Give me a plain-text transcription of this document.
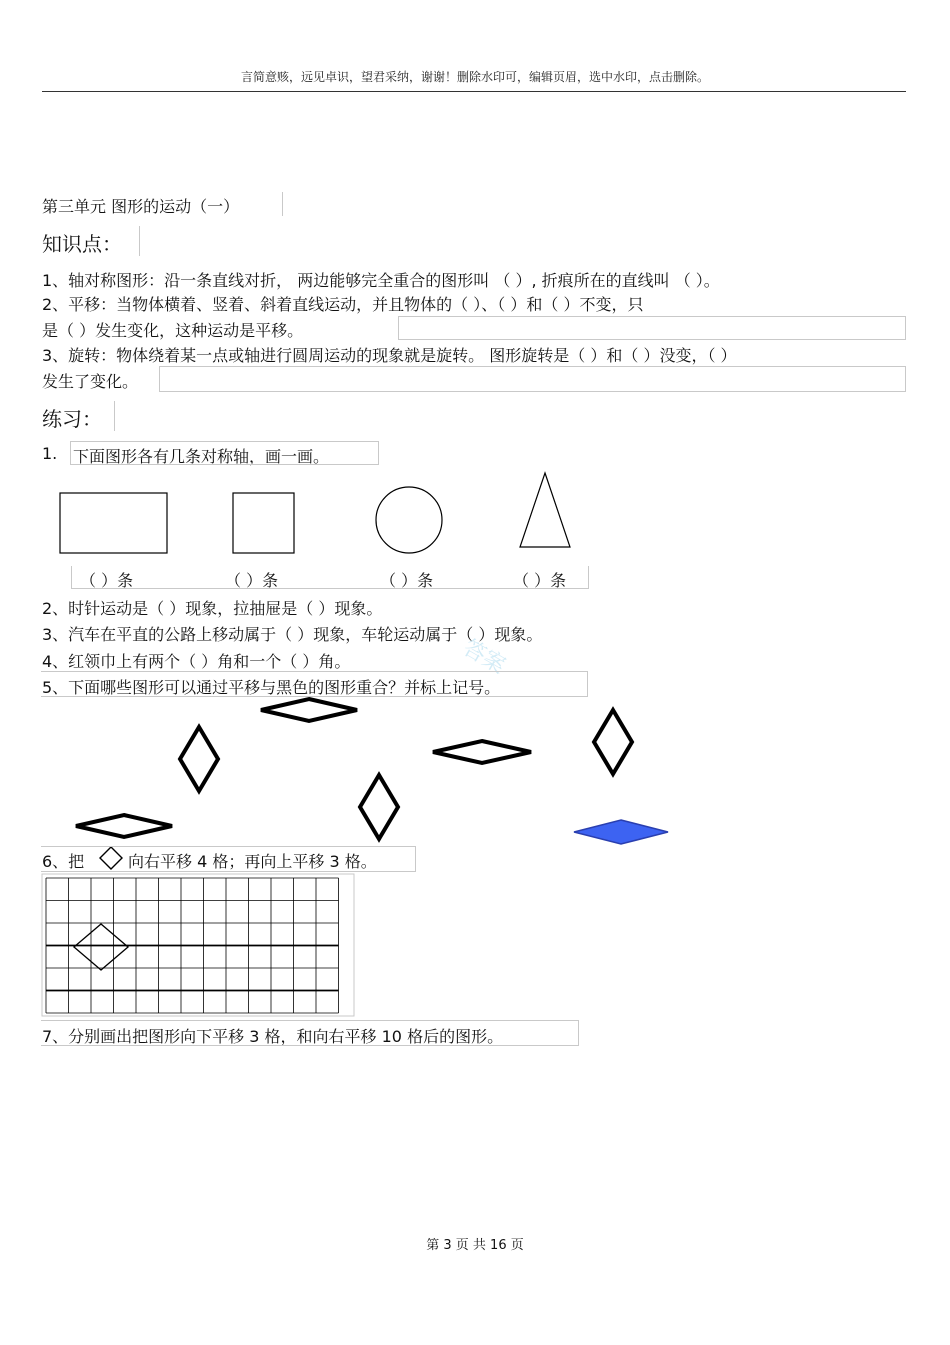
言简意赅，远见卓识，望君采纳，谢谢！删除水印可，编辑页眉，选中水印，点击删除。
第三单元 图形的运动（一）
知识点：
1、轴对称图形：沿一条直线对折， 两边能够完全重合的图形叫 （ ）, 折痕所在的直线叫 （ ）。
2、平移：当物体横着、竖着、斜着直线运动，并且物体的（ ）、（ ）和（ ）不变，只
是（ ）发生变化，这种运动是平移。
3、旋转：物体绕着某一点或轴进行圆周运动的现象就是旋转。 图形旋转是（ ）和（ ）没变，（ ）
发生了变化。
练习：
1. 下面图形各有几条对称轴，画一画。
（ ）条	（ ）条	（ ）条	（ ）条
2、时针运动是（ ）现象，拉抽屉是（ ）现象。
3、汽车在平直的公路上移动属于（ ）现象，车轮运动属于（ ）现象。
4、红领巾上有两个（ ）角和一个（ ）角。	答案
5、下面哪些图形可以通过平移与黑色的图形重合？并标上记号。
6、把	向右平移 4 格；再向上平移 3 格。
7、分别画出把图形向下平移 3 格，和向右平移 10 格后的图形。
第 3 页 共 16 页
